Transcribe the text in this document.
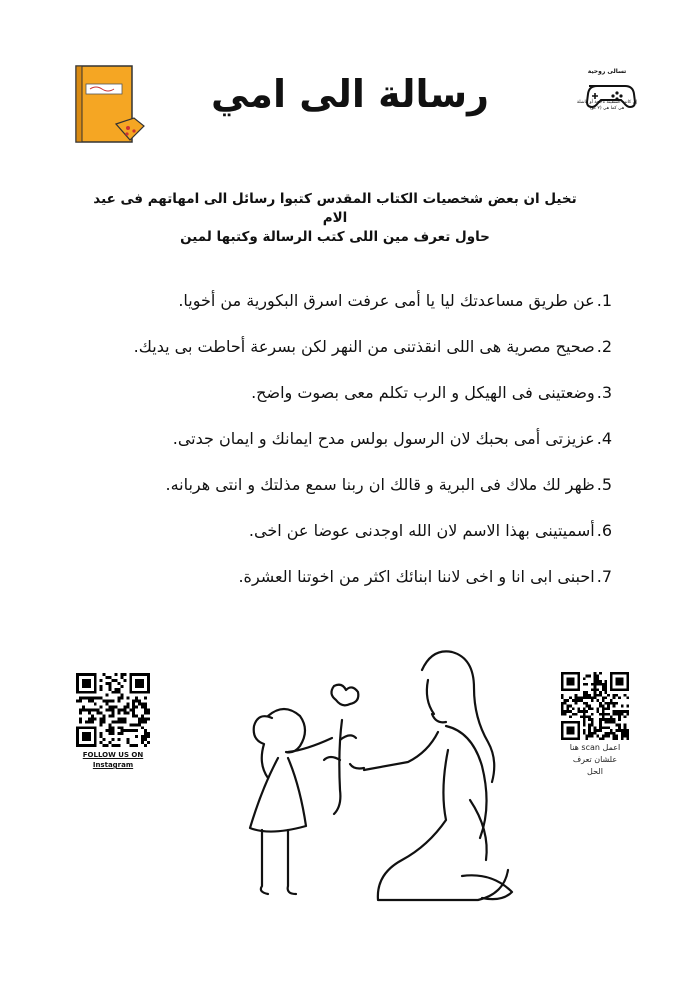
رسالة الى امي
تسالى روحية
إن كانت السفينة ناجحة أو فاشلة هي كما هي (۲ كو)
تخيل ان بعض شخصيات الكتاب المقدس كتبوا رسائل الى امهاتهم فى عيد الام
حاول تعرف مين اللى كتب الرسالة وكتبها لمين
1.عن طريق مساعدتك ليا يا أمى عرفت اسرق البكورية من أخويا.
2.صحيح مصرية هى اللى انقذتنى من النهر لكن بسرعة أحاطت بى يديك.
3.وضعتينى فى الهيكل و الرب تكلم معى بصوت واضح.
4.عزيزتى أمى بحبك لان الرسول بولس مدح ايمانك و ايمان جدتى.
5.ظهر لك ملاك فى البرية و قالك ان ربنا سمع مذلتك و انتى هربانه.
6.أسميتينى بهذا الاسم لان الله اوجدنى عوضا عن اخى.
7.احبنى ابى انا و اخى لاننا ابنائك اكثر من اخوتنا العشرة.
FOLLOW US ON
Instagram
اعمل scan هنا
علشان تعرف
الحل
